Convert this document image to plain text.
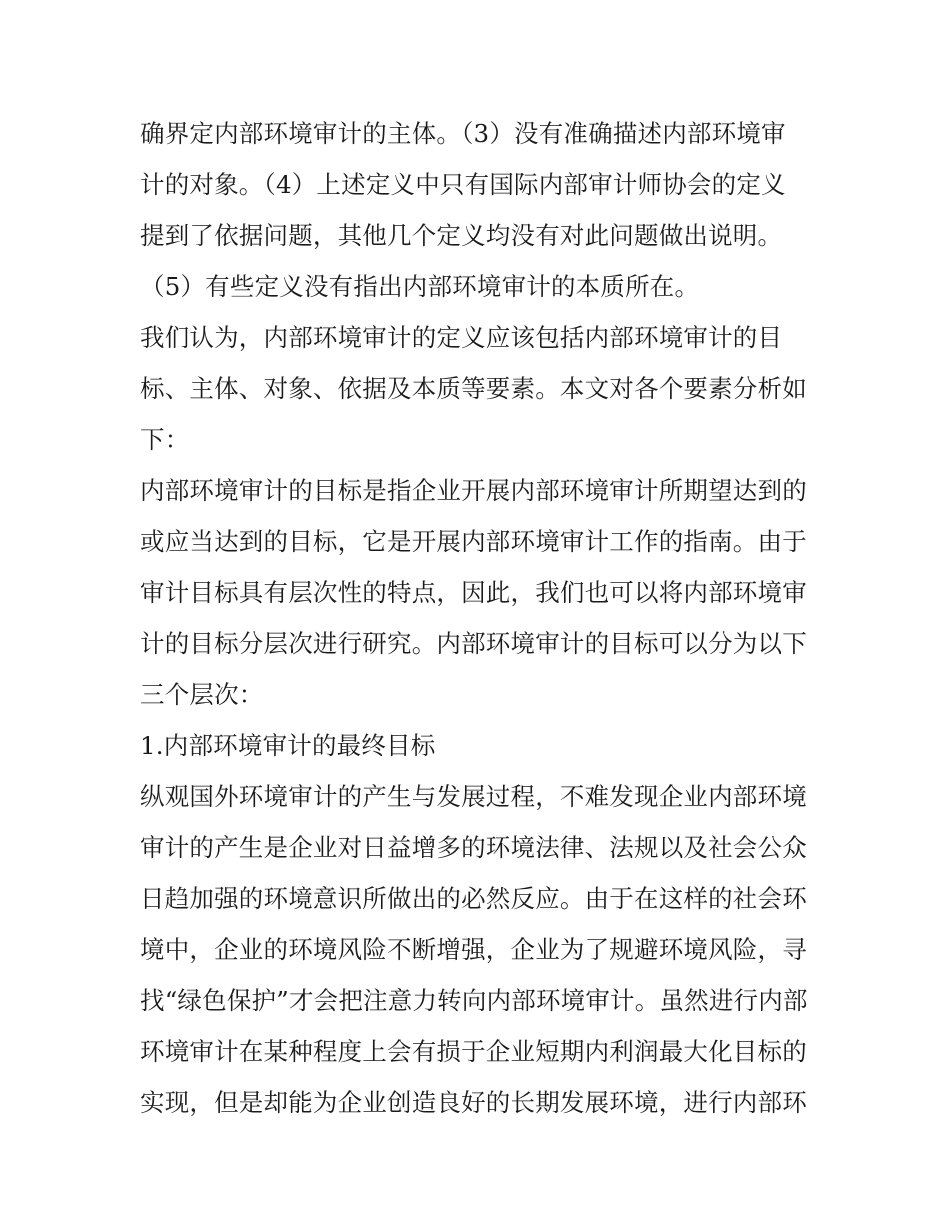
确界定内部环境审计的主体。（3）没有准确描述内部环境审
计的对象。（4）上述定义中只有国际内部审计师协会的定义
提到了依据问题，其他几个定义均没有对此问题做出说明。
（5）有些定义没有指出内部环境审计的本质所在。
我们认为，内部环境审计的定义应该包括内部环境审计的目
标、主体、对象、依据及本质等要素。本文对各个要素分析如
下：
内部环境审计的目标是指企业开展内部环境审计所期望达到的
或应当达到的目标，它是开展内部环境审计工作的指南。由于
审计目标具有层次性的特点，因此，我们也可以将内部环境审
计的目标分层次进行研究。内部环境审计的目标可以分为以下
三个层次：
1.内部环境审计的最终目标
纵观国外环境审计的产生与发展过程，不难发现企业内部环境
审计的产生是企业对日益增多的环境法律、法规以及社会公众
日趋加强的环境意识所做出的必然反应。由于在这样的社会环
境中，企业的环境风险不断增强，企业为了规避环境风险，寻
找“绿色保护”才会把注意力转向内部环境审计。虽然进行内部
环境审计在某种程度上会有损于企业短期内利润最大化目标的
实现，但是却能为企业创造良好的长期发展环境，进行内部环
